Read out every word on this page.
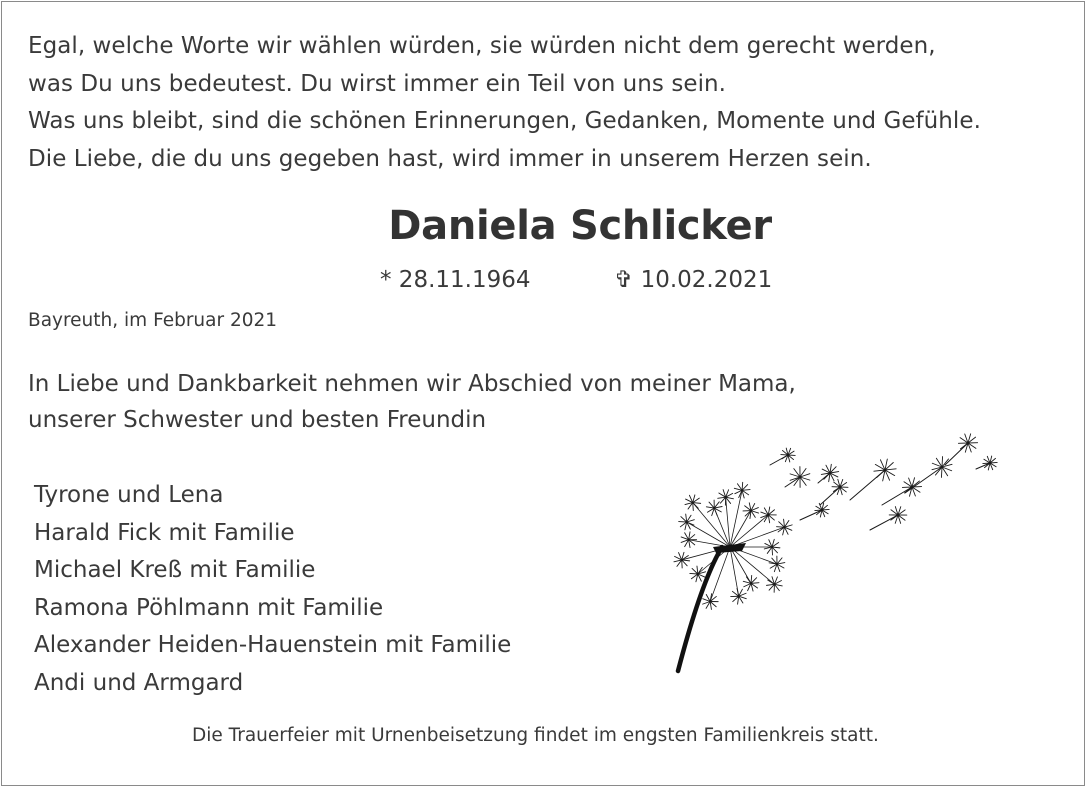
Egal, welche Worte wir wählen würden, sie würden nicht dem gerecht werden,
was Du uns bedeutest. Du wirst immer ein Teil von uns sein.
Was uns bleibt, sind die schönen Erinnerungen, Gedanken, Momente und Gefühle.
Die Liebe, die du uns gegeben hast, wird immer in unserem Herzen sein.
Daniela Schlicker
* 28.11.1964	✞ 10.02.2021
Bayreuth, im Februar 2021
In Liebe und Dankbarkeit nehmen wir Abschied von meiner Mama,
unserer Schwester und besten Freundin
Tyrone und Lena
Harald Fick mit Familie
Michael Kreß mit Familie
Ramona Pöhlmann mit Familie
Alexander Heiden-Hauenstein mit Familie
Andi und Armgard
Die Trauerfeier mit Urnenbeisetzung findet im engsten Familienkreis statt.
